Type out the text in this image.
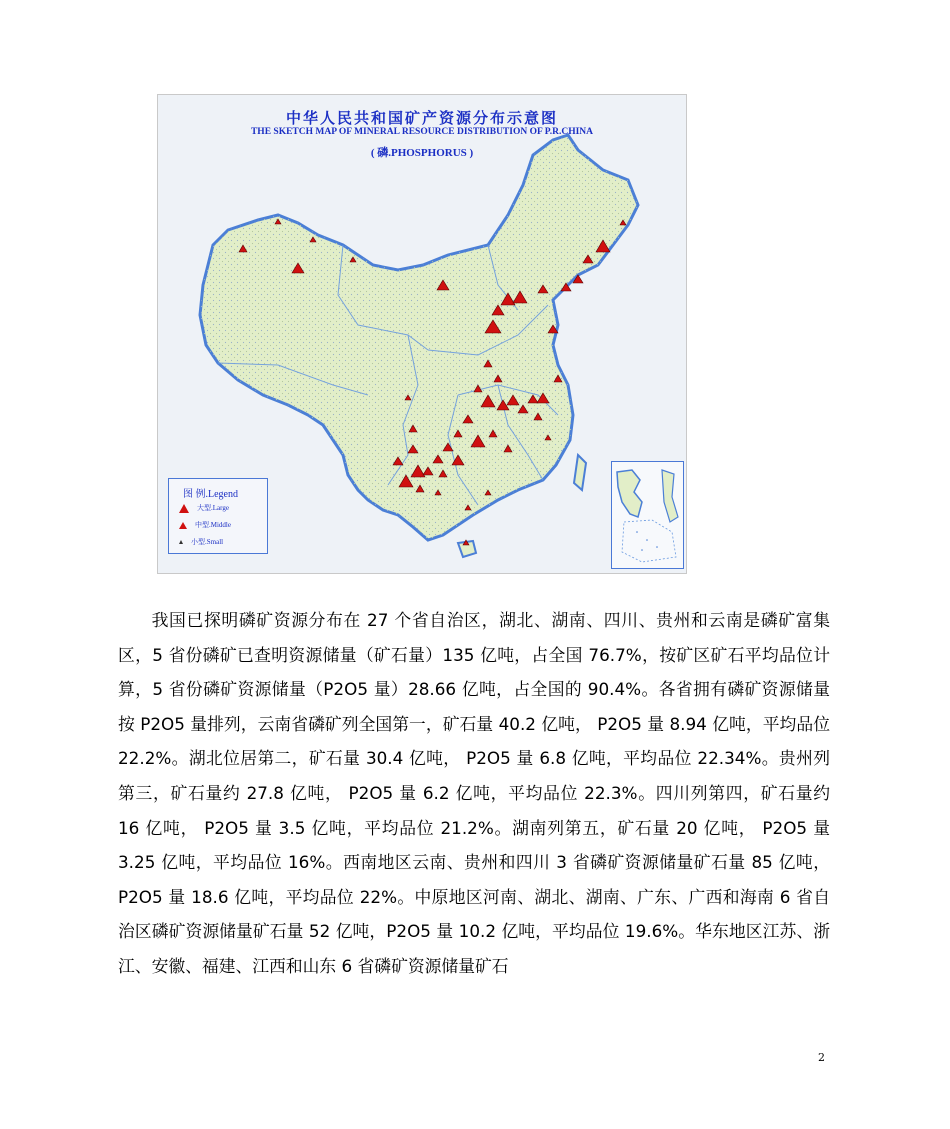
中华人民共和国矿产资源分布示意图
THE SKETCH MAP OF MINERAL RESOURCE DISTRIBUTION OF P.R.CHINA
( 磷.PHOSPHORUS )
图 例.Legend
大型.Large
中型.Middle
小型.Small

我国已探明磷矿资源分布在 27 个省自治区，湖北、湖南、四川、贵州和云南是磷矿富集区，5 省份磷矿已查明资源储量（矿石量）135 亿吨，占全国 76.7%，按矿区矿石平均品位计算，5 省份磷矿资源储量（P2O5 量）28.66 亿吨，占全国的 90.4%。各省拥有磷矿资源储量按 P2O5 量排列，云南省磷矿列全国第一，矿石量 40.2 亿吨， P2O5 量 8.94 亿吨，平均品位 22.2%。湖北位居第二，矿石量 30.4 亿吨， P2O5 量 6.8 亿吨，平均品位 22.34%。贵州列第三，矿石量约 27.8 亿吨， P2O5 量 6.2 亿吨，平均品位 22.3%。四川列第四，矿石量约 16 亿吨， P2O5 量 3.5 亿吨，平均品位 21.2%。湖南列第五，矿石量 20 亿吨， P2O5 量 3.25 亿吨，平均品位 16%。西南地区云南、贵州和四川 3 省磷矿资源储量矿石量 85 亿吨， P2O5 量 18.6 亿吨，平均品位 22%。中原地区河南、湖北、湖南、广东、广西和海南 6 省自治区磷矿资源储量矿石量 52 亿吨，P2O5 量 10.2 亿吨，平均品位 19.6%。华东地区江苏、浙江、安徽、福建、江西和山东 6 省磷矿资源储量矿石

2
